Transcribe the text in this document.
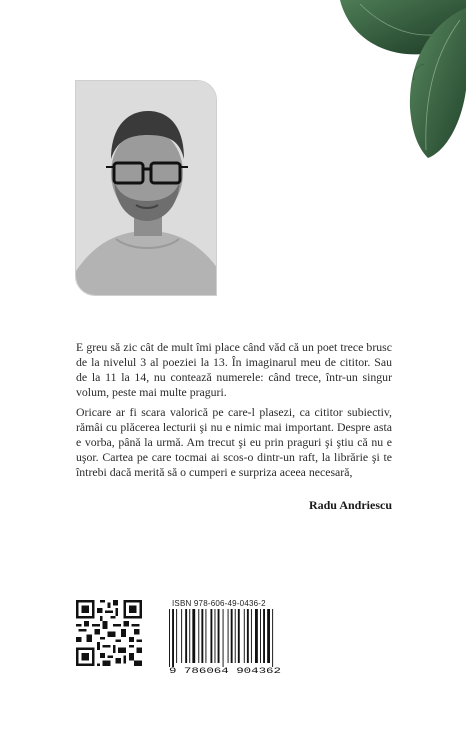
E greu să zic cât de mult îmi place când văd că un poet trece brusc de la nivelul 3 al poeziei la 13. În imaginarul meu de cititor. Sau de la 11 la 14, nu contează numerele: când trece, într-un singur volum, peste mai multe praguri.

Oricare ar fi scara valorică pe care-l plasezi, ca cititor subiectiv, rămâi cu plăcerea lecturii şi nu e nimic mai important. Despre asta e vorba, până la urmă. Am trecut şi eu prin praguri şi ştiu că nu e uşor. Cartea pe care tocmai ai scos-o dintr-un raft, la librărie şi te întrebi dacă merită să o cumperi e surpriza aceea necesară,

Radu Andriescu

ISBN 978-606-49-0436-2
9 786064 904362
